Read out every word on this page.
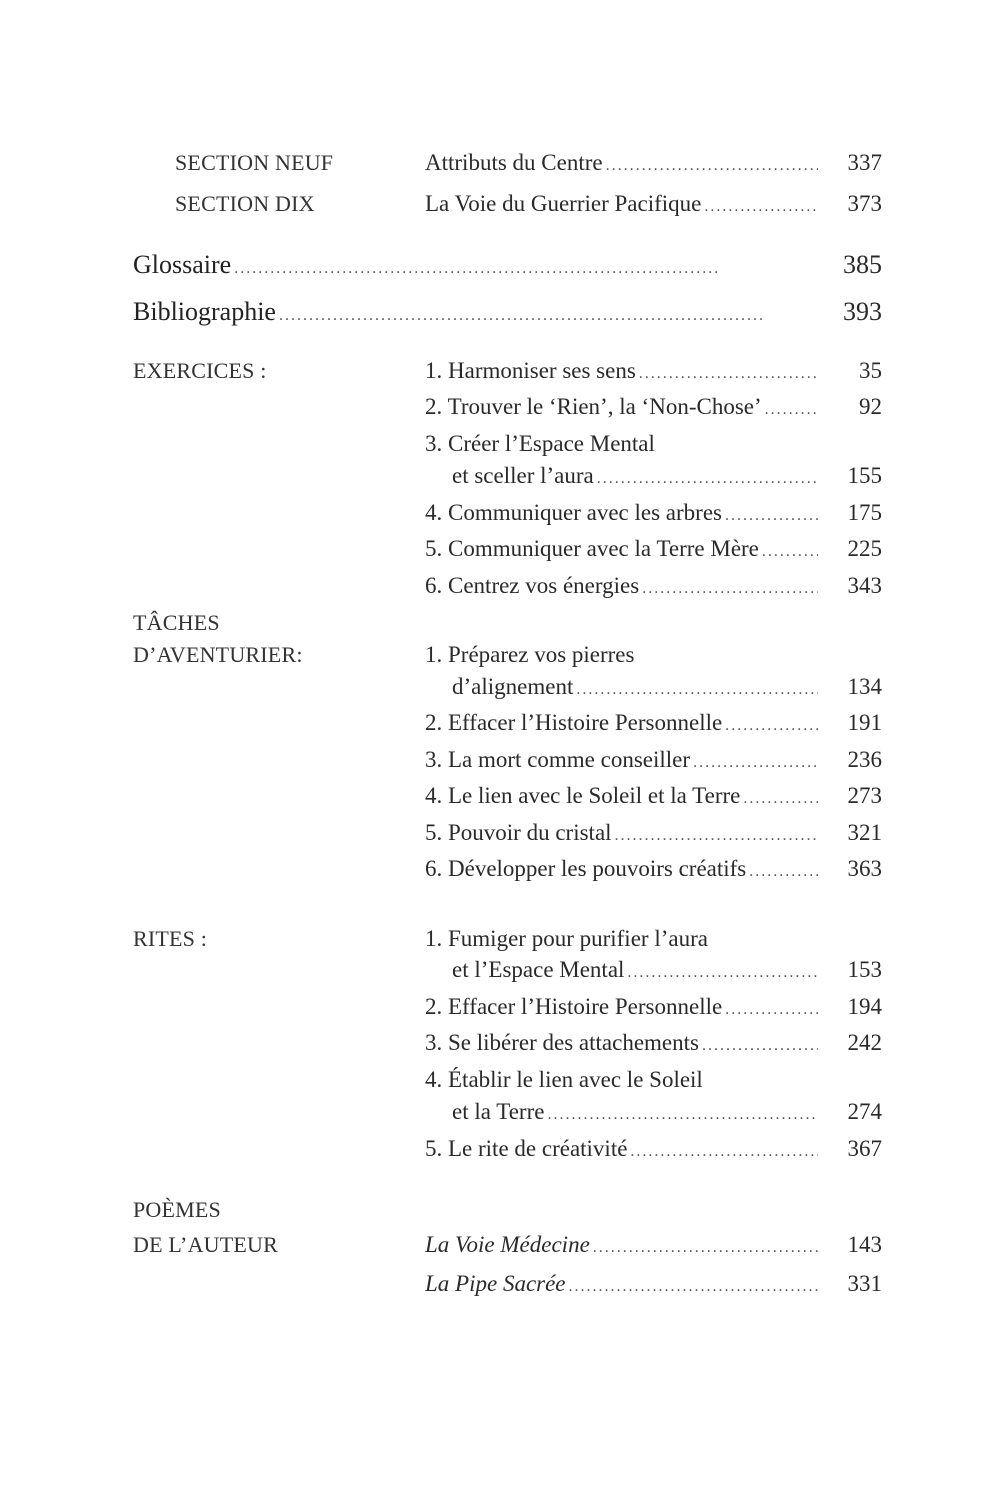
SECTION NEUF	Attributs du Centre . . .	337
SECTION DIX	La Voie du Guerrier Pacifique . . .	373
Glossaire . . .	385
Bibliographie . . .	393
EXERCICES :	1. Harmoniser ses sens . . .	35
2. Trouver le ‘Rien’, la ‘Non-Chose’ . . .	92
3. Créer l’Espace Mental
et sceller l’aura . . .	155
4. Communiquer avec les arbres . . .	175
5. Communiquer avec la Terre Mère . . .	225
6. Centrez vos énergies . . .	343
TÂCHES
D’AVENTURIER:	1. Préparez vos pierres
d’alignement . . .	134
2. Effacer l’Histoire Personnelle . . .	191
3. La mort comme conseiller . . .	236
4. Le lien avec le Soleil et la Terre . . .	273
5. Pouvoir du cristal . . .	321
6. Développer les pouvoirs créatifs . . .	363
RITES :	1. Fumiger pour purifier l’aura
et l’Espace Mental . . .	153
2. Effacer l’Histoire Personnelle . . .	194
3. Se libérer des attachements . . .	242
4. Établir le lien avec le Soleil
et la Terre . . .	274
5. Le rite de créativité . . .	367
POÈMES
DE L’AUTEUR	La Voie Médecine . . .	143
La Pipe Sacrée . . .	331
